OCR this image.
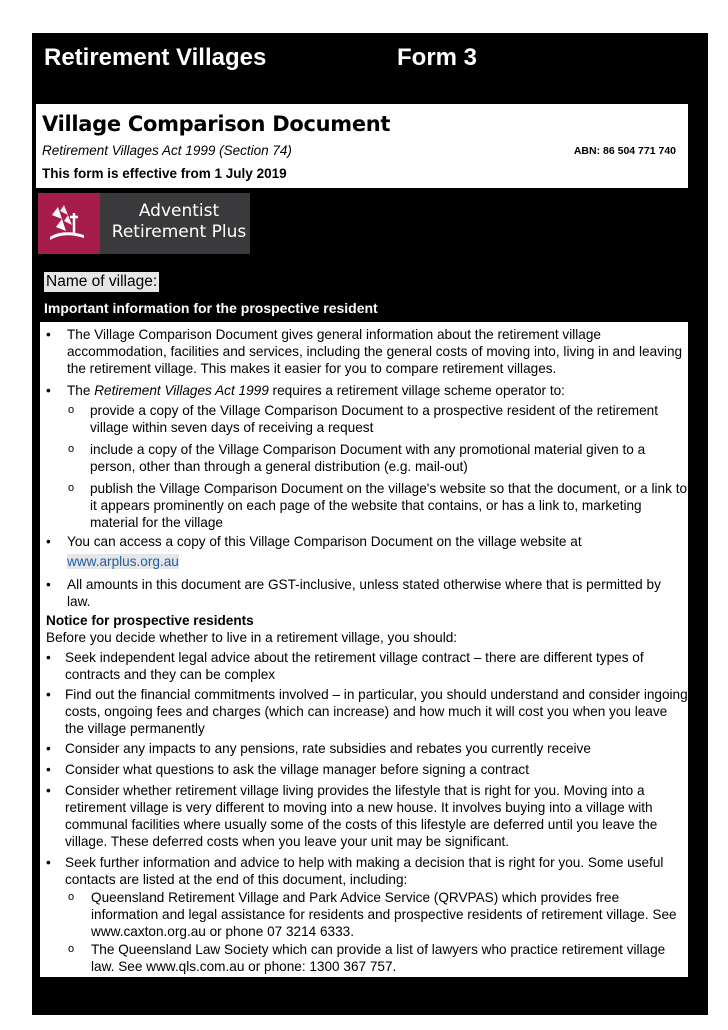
Retirement Villages	Form 3
Village Comparison Document
Retirement Villages Act 1999 (Section 74)	ABN: 86 504 771 740
This form is effective from 1 July 2019
Adventist
Retirement Plus
Name of village:
Important information for the prospective resident
• The Village Comparison Document gives general information about the retirement village accommodation, facilities and services, including the general costs of moving into, living in and leaving the retirement village. This makes it easier for you to compare retirement villages.
• The Retirement Villages Act 1999 requires a retirement village scheme operator to:
o provide a copy of the Village Comparison Document to a prospective resident of the retirement village within seven days of receiving a request
o include a copy of the Village Comparison Document with any promotional material given to a person, other than through a general distribution (e.g. mail-out)
o publish the Village Comparison Document on the village's website so that the document, or a link to it appears prominently on each page of the website that contains, or has a link to, marketing material for the village
• You can access a copy of this Village Comparison Document on the village website at
www.arplus.org.au
• All amounts in this document are GST-inclusive, unless stated otherwise where that is permitted by law.
Notice for prospective residents
Before you decide whether to live in a retirement village, you should:
• Seek independent legal advice about the retirement village contract – there are different types of contracts and they can be complex
• Find out the financial commitments involved – in particular, you should understand and consider ingoing costs, ongoing fees and charges (which can increase) and how much it will cost you when you leave the village permanently
• Consider any impacts to any pensions, rate subsidies and rebates you currently receive
• Consider what questions to ask the village manager before signing a contract
• Consider whether retirement village living provides the lifestyle that is right for you. Moving into a retirement village is very different to moving into a new house. It involves buying into a village with communal facilities where usually some of the costs of this lifestyle are deferred until you leave the village. These deferred costs when you leave your unit may be significant.
• Seek further information and advice to help with making a decision that is right for you. Some useful contacts are listed at the end of this document, including:
o Queensland Retirement Village and Park Advice Service (QRVPAS) which provides free information and legal assistance for residents and prospective residents of retirement village. See www.caxton.org.au or phone 07 3214 6333.
o The Queensland Law Society which can provide a list of lawyers who practice retirement village law. See www.qls.com.au or phone: 1300 367 757.
